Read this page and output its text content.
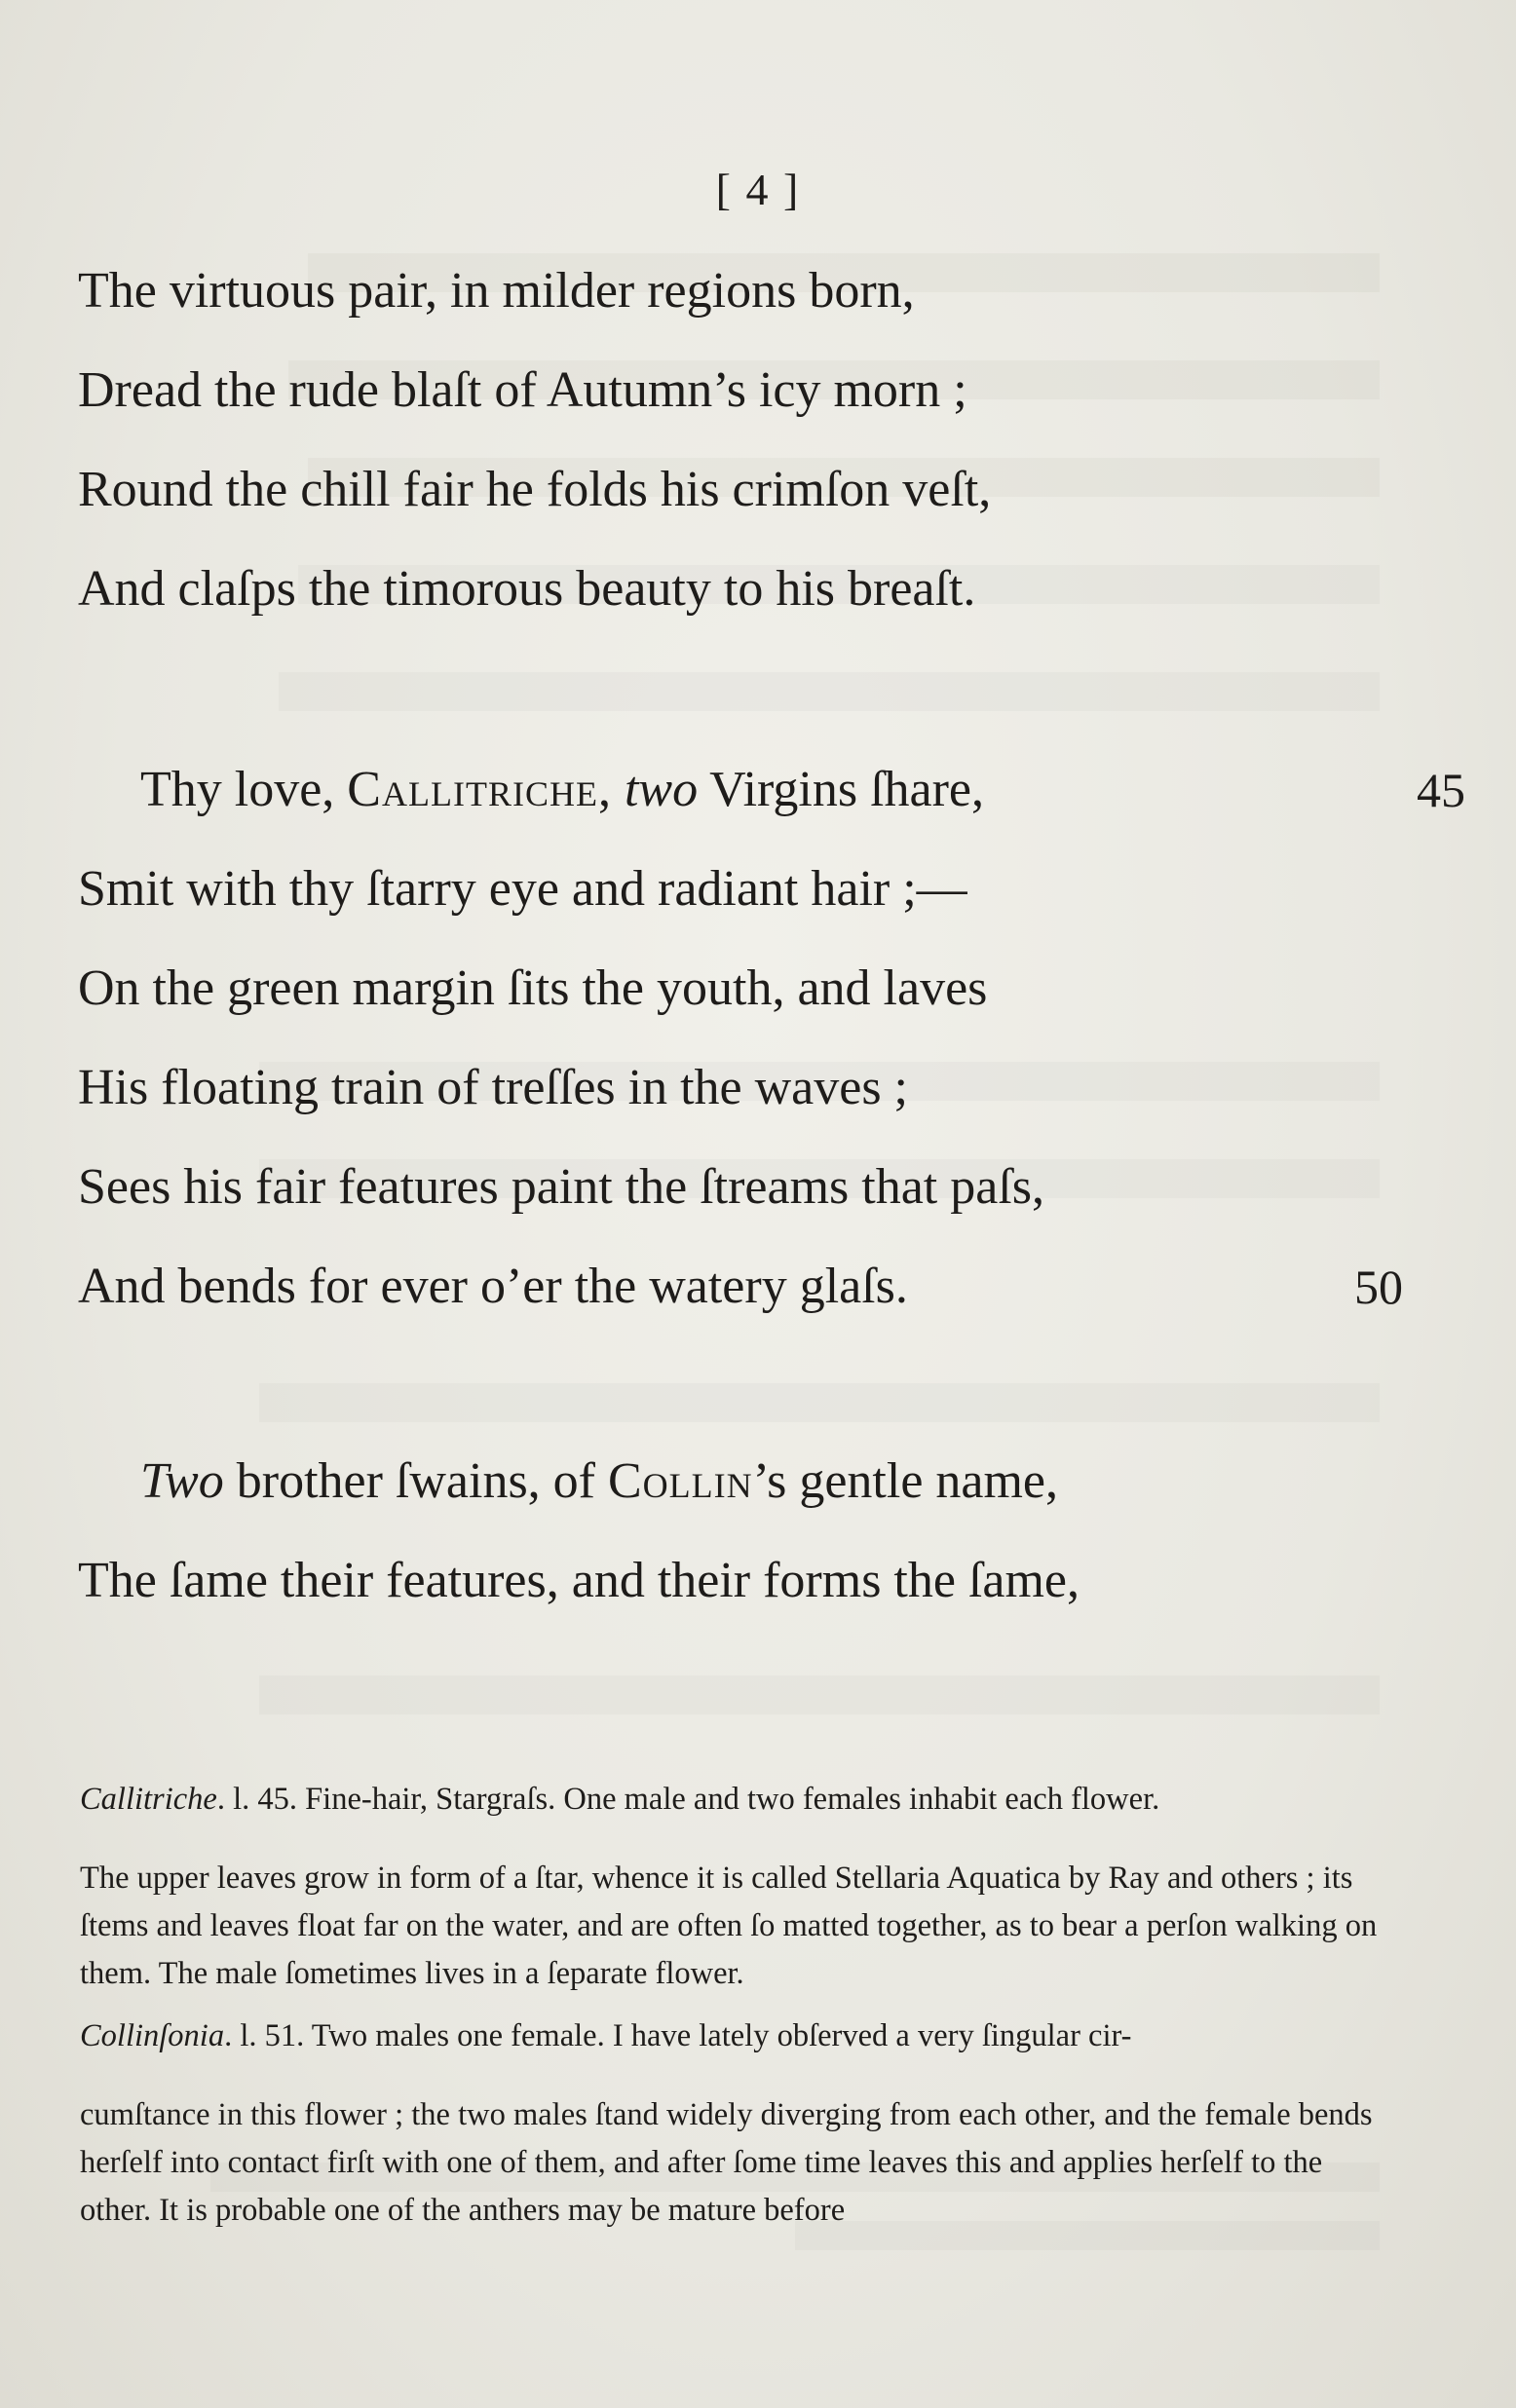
[ 4 ]
The virtuous pair, in milder regions born,
Dread the rude blaſt of Autumn’s icy morn ;
Round the chill fair he folds his crimſon veſt,
And claſps the timorous beauty to his breaſt.
Thy love, Callitriche, two Virgins ſhare,	45
Smit with thy ſtarry eye and radiant hair ;—
On the green margin ſits the youth, and laves
His floating train of treſſes in the waves ;
Sees his fair features paint the ſtreams that paſs,
And bends for ever o’er the watery glaſs.	50
Two brother ſwains, of Collin’s gentle name,
The ſame their features, and their forms the ſame,

Callitriche. l. 45. Fine-hair, Stargraſs. One male and two females inhabit each flower.

The upper leaves grow in form of a ſtar, whence it is called Stellaria Aquatica by Ray and others ; its ſtems and leaves float far on the water, and are often ſo matted together, as to bear a perſon walking on them. The male ſometimes lives in a ſeparate flower.

Collinſonia. l. 51. Two males one female. I have lately obſerved a very ſingular cir-

cumſtance in this flower ; the two males ſtand widely diverging from each other, and the female bends herſelf into contact firſt with one of them, and after ſome time leaves this and applies herſelf to the other. It is probable one of the anthers may be mature before
